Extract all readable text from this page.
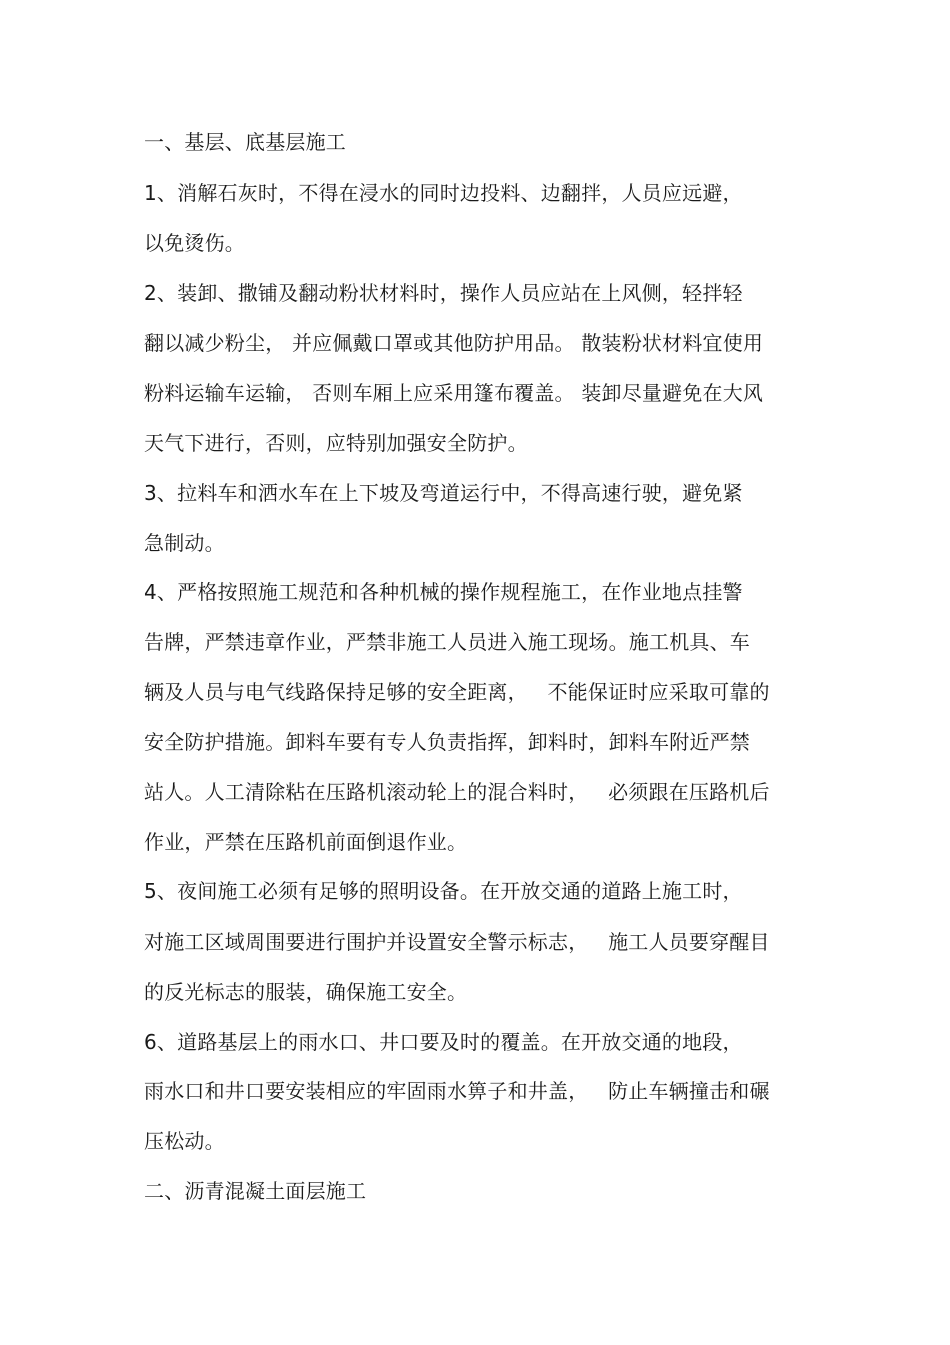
一、基层、底基层施工
1、消解石灰时，不得在浸水的同时边投料、边翻拌，人员应远避，
以免烫伤。
2、装卸、撒铺及翻动粉状材料时，操作人员应站在上风侧，轻拌轻
翻以减少粉尘， 并应佩戴口罩或其他防护用品。 散装粉状材料宜使用
粉料运输车运输， 否则车厢上应采用篷布覆盖。 装卸尽量避免在大风
天气下进行，否则，应特别加强安全防护。
3、拉料车和洒水车在上下坡及弯道运行中，不得高速行驶，避免紧
急制动。
4、严格按照施工规范和各种机械的操作规程施工，在作业地点挂警
告牌，严禁违章作业，严禁非施工人员进入施工现场。施工机具、车
辆及人员与电气线路保持足够的安全距离，   不能保证时应采取可靠的
安全防护措施。卸料车要有专人负责指挥，卸料时，卸料车附近严禁
站人。人工清除粘在压路机滚动轮上的混合料时，   必须跟在压路机后
作业，严禁在压路机前面倒退作业。
5、夜间施工必须有足够的照明设备。在开放交通的道路上施工时，
对施工区域周围要进行围护并设置安全警示标志，   施工人员要穿醒目
的反光标志的服装，确保施工安全。
6、道路基层上的雨水口、井口要及时的覆盖。在开放交通的地段，
雨水口和井口要安装相应的牢固雨水箅子和井盖，   防止车辆撞击和碾
压松动。
二、沥青混凝土面层施工
